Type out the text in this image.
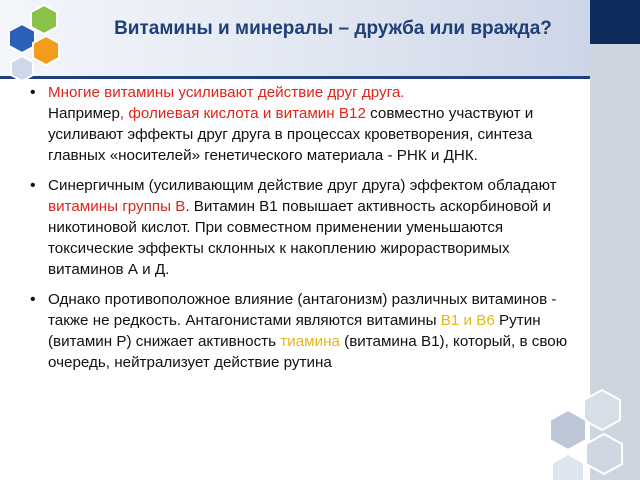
Витамины и минералы – дружба или вражда?
• Многие витамины усиливают действие друг друга.
Например, фолиевая кислота и витамин В12 совместно участвуют и усиливают эффекты друг друга в процессах кроветворения, синтеза главных «носителей» генетического материала - РНК и ДНК.
• Синергичным (усиливающим действие друг друга) эффектом обладают витамины группы В. Витамин В1 повышает активность аскорбиновой и никотиновой кислот. При совместном применении уменьшаются токсические эффекты склонных к накоплению жирорастворимых витаминов А и Д.
• Однако противоположное влияние (антагонизм) различных витаминов - также не редкость. Антагонистами являются витамины В1 и В6 Рутин (витамин Р) снижает активность тиамина (витамина В1), который, в свою очередь, нейтрализует действие рутина
